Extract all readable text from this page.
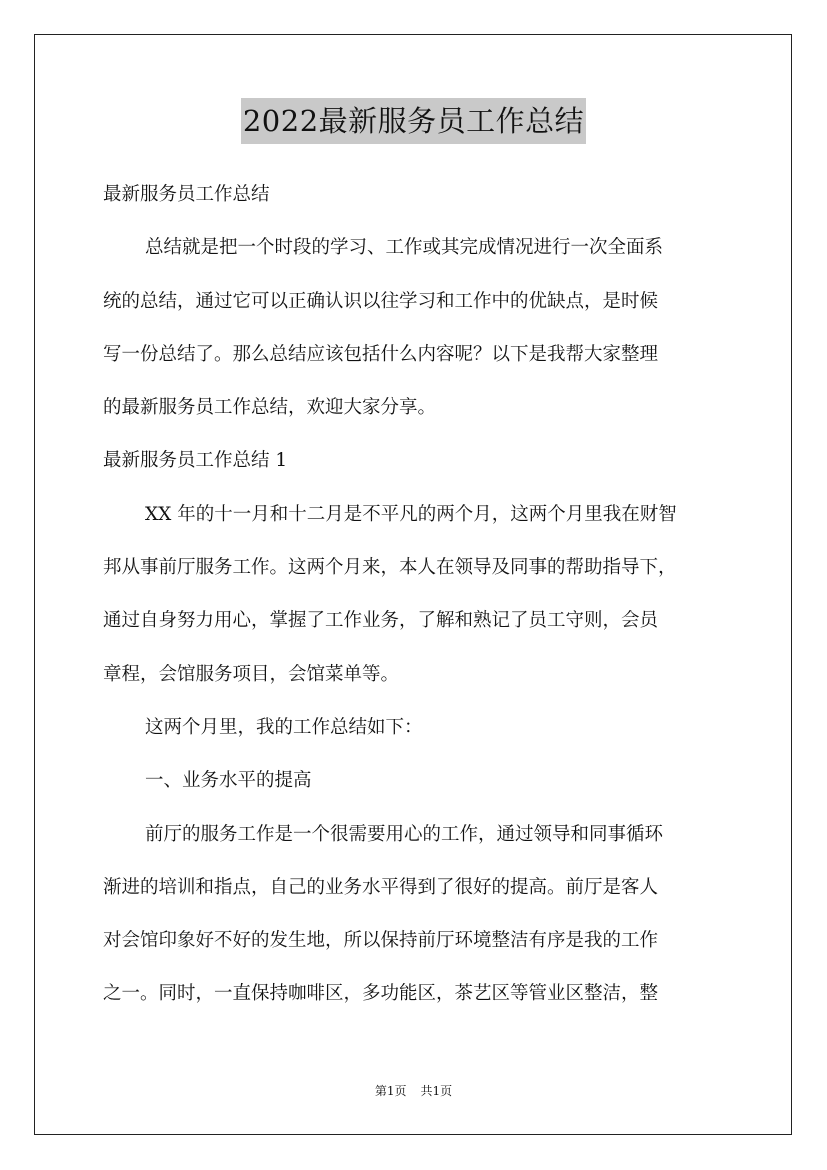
2022最新服务员工作总结
最新服务员工作总结
总结就是把一个时段的学习、工作或其完成情况进行一次全面系
统的总结，通过它可以正确认识以往学习和工作中的优缺点，是时候
写一份总结了。那么总结应该包括什么内容呢？以下是我帮大家整理
的最新服务员工作总结，欢迎大家分享。
最新服务员工作总结 1
XX 年的十一月和十二月是不平凡的两个月，这两个月里我在财智
邦从事前厅服务工作。这两个月来，本人在领导及同事的帮助指导下，
通过自身努力用心，掌握了工作业务，了解和熟记了员工守则，会员
章程，会馆服务项目，会馆菜单等。
这两个月里，我的工作总结如下：
一、业务水平的提高
前厅的服务工作是一个很需要用心的工作，通过领导和同事循环
渐进的培训和指点，自己的业务水平得到了很好的提高。前厅是客人
对会馆印象好不好的发生地，所以保持前厅环境整洁有序是我的工作
之一。同时，一直保持咖啡区，多功能区，茶艺区等管业区整洁，整
第1页 共1页
